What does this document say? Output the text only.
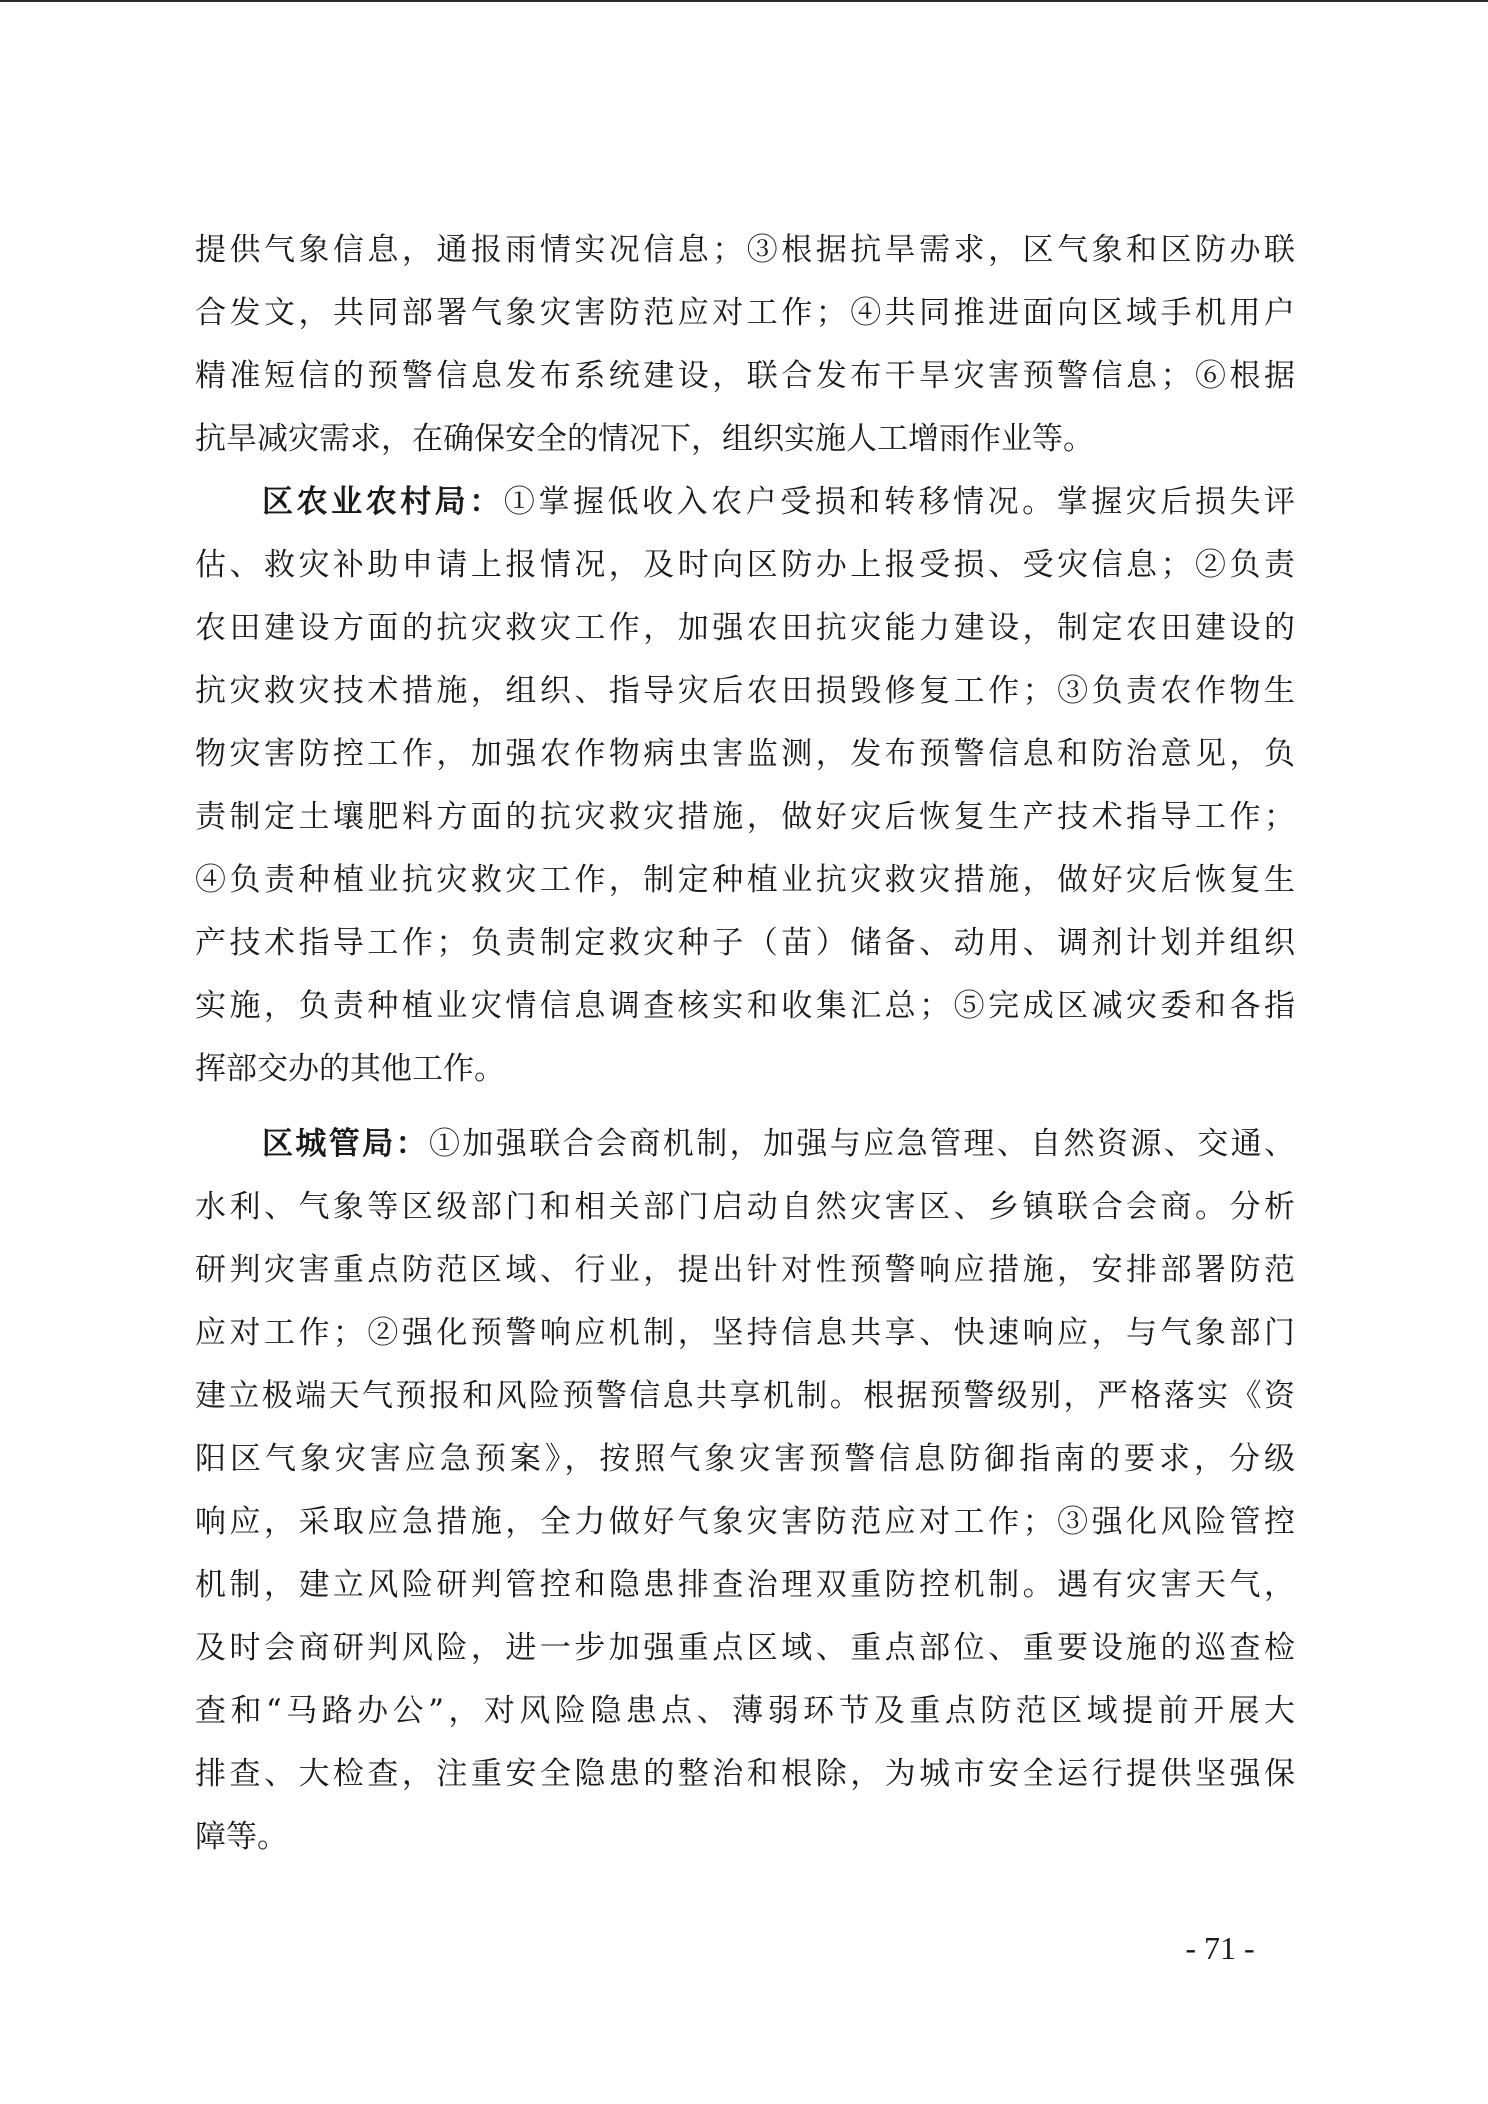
提供气象信息，通报雨情实况信息；③根据抗旱需求，区气象和区防办联
合发文，共同部署气象灾害防范应对工作；④共同推进面向区域手机用户
精准短信的预警信息发布系统建设，联合发布干旱灾害预警信息；⑥根据
抗旱减灾需求，在确保安全的情况下，组织实施人工增雨作业等。
区农业农村局：①掌握低收入农户受损和转移情况。掌握灾后损失评
估、救灾补助申请上报情况，及时向区防办上报受损、受灾信息；②负责
农田建设方面的抗灾救灾工作，加强农田抗灾能力建设，制定农田建设的
抗灾救灾技术措施，组织、指导灾后农田损毁修复工作；③负责农作物生
物灾害防控工作，加强农作物病虫害监测，发布预警信息和防治意见，负
责制定土壤肥料方面的抗灾救灾措施，做好灾后恢复生产技术指导工作；
④负责种植业抗灾救灾工作，制定种植业抗灾救灾措施，做好灾后恢复生
产技术指导工作；负责制定救灾种子（苗）储备、动用、调剂计划并组织
实施，负责种植业灾情信息调查核实和收集汇总；⑤完成区减灾委和各指
挥部交办的其他工作。
区城管局：①加强联合会商机制，加强与应急管理、自然资源、交通、
水利、气象等区级部门和相关部门启动自然灾害区、乡镇联合会商。分析
研判灾害重点防范区域、行业，提出针对性预警响应措施，安排部署防范
应对工作；②强化预警响应机制，坚持信息共享、快速响应，与气象部门
建立极端天气预报和风险预警信息共享机制。根据预警级别，严格落实《资
阳区气象灾害应急预案》，按照气象灾害预警信息防御指南的要求，分级
响应，采取应急措施，全力做好气象灾害防范应对工作；③强化风险管控
机制，建立风险研判管控和隐患排查治理双重防控机制。遇有灾害天气，
及时会商研判风险，进一步加强重点区域、重点部位、重要设施的巡查检
查和“马路办公”，对风险隐患点、薄弱环节及重点防范区域提前开展大
排查、大检查，注重安全隐患的整治和根除，为城市安全运行提供坚强保
障等。
- 71 -
